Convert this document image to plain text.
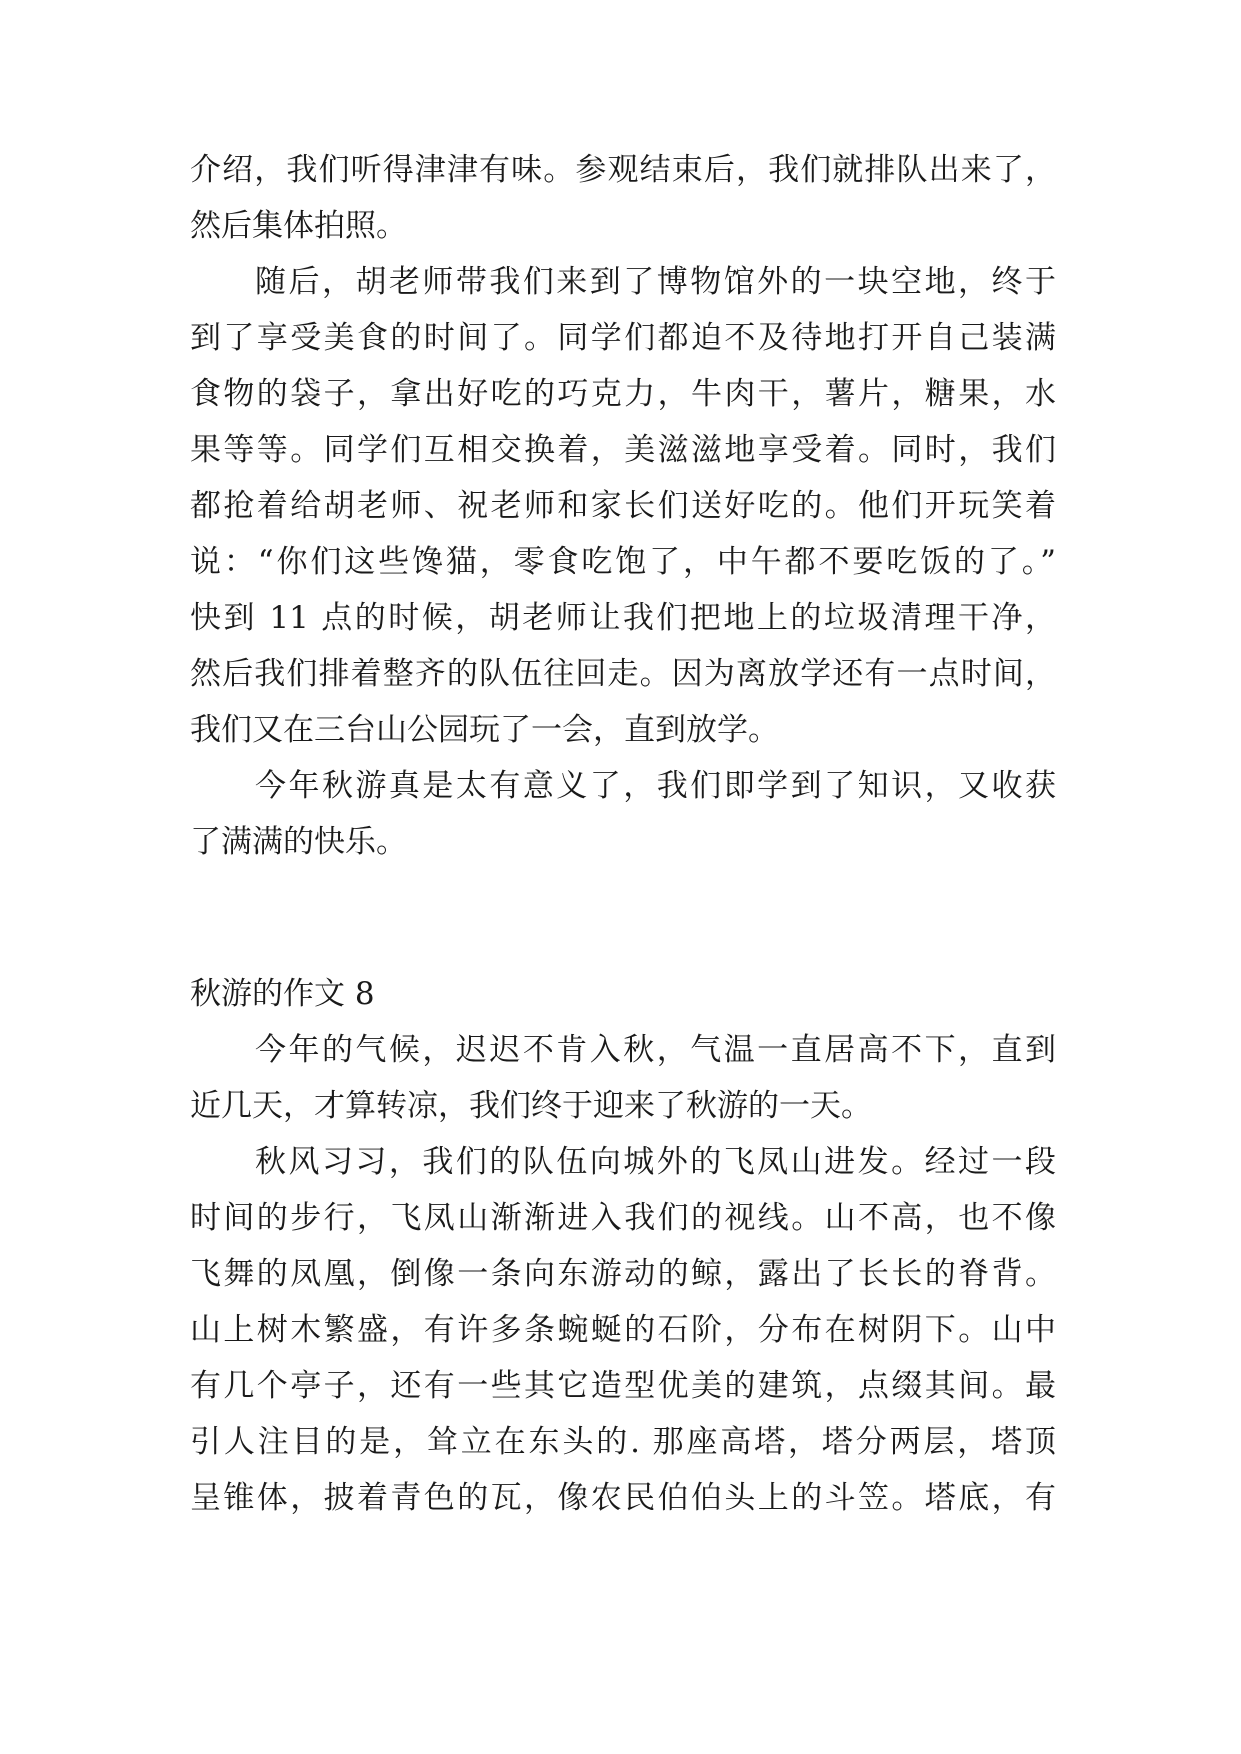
介绍，我们听得津津有味。参观结束后，我们就排队出来了，
然后集体拍照。
随后，胡老师带我们来到了博物馆外的一块空地，终于
到了享受美食的时间了。同学们都迫不及待地打开自己装满
食物的袋子，拿出好吃的巧克力，牛肉干，薯片，糖果，水
果等等。同学们互相交换着，美滋滋地享受着。同时，我们
都抢着给胡老师、祝老师和家长们送好吃的。他们开玩笑着
说：“你们这些馋猫，零食吃饱了，中午都不要吃饭的了。”
快到 11 点的时候，胡老师让我们把地上的垃圾清理干净，
然后我们排着整齐的队伍往回走。因为离放学还有一点时间，
我们又在三台山公园玩了一会，直到放学。
今年秋游真是太有意义了，我们即学到了知识，又收获
了满满的快乐。
秋游的作文 8
今年的气候，迟迟不肯入秋，气温一直居高不下，直到
近几天，才算转凉，我们终于迎来了秋游的一天。
秋风习习，我们的队伍向城外的飞凤山进发。经过一段
时间的步行，飞凤山渐渐进入我们的视线。山不高，也不像
飞舞的凤凰，倒像一条向东游动的鲸，露出了长长的脊背。
山上树木繁盛，有许多条蜿蜒的石阶，分布在树阴下。山中
有几个亭子，还有一些其它造型优美的建筑，点缀其间。最
引人注目的是，耸立在东头的. 那座高塔，塔分两层，塔顶
呈锥体，披着青色的瓦，像农民伯伯头上的斗笠。塔底，有
